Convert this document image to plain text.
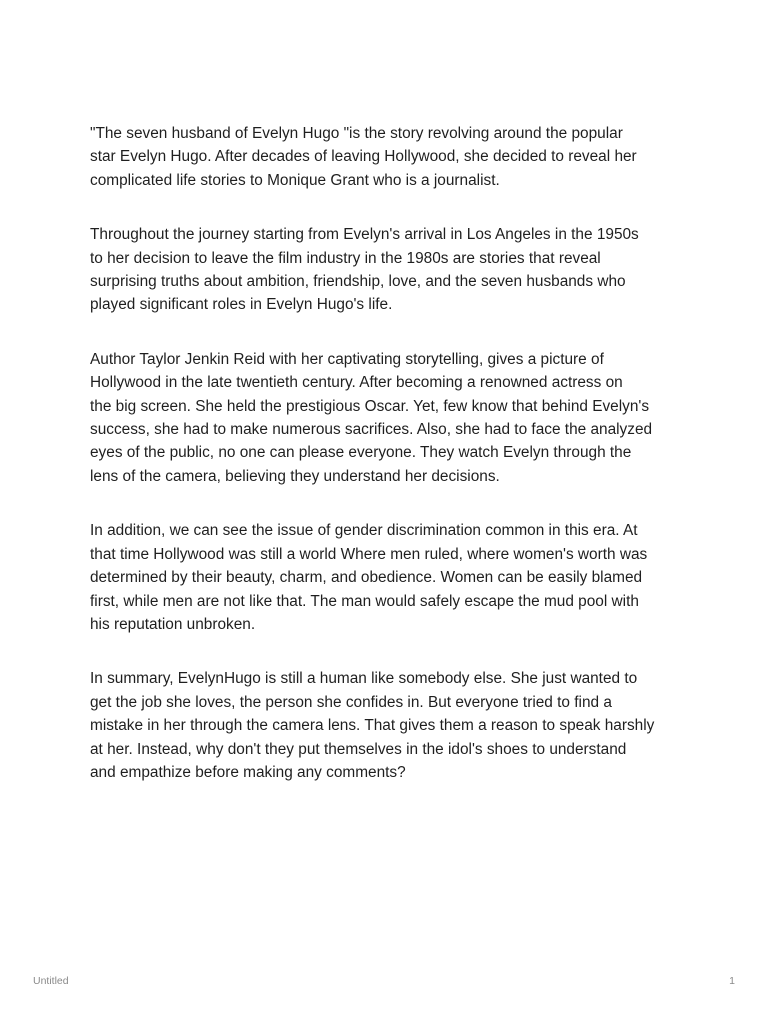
"The seven husband of Evelyn Hugo "is the story revolving around the popular
star Evelyn Hugo. After decades of leaving Hollywood, she decided to reveal her
complicated life stories to Monique Grant who is a journalist.

Throughout the journey starting from Evelyn's arrival in Los Angeles in the 1950s
to her decision to leave the film industry in the 1980s are stories that reveal
surprising truths about ambition, friendship, love, and the seven husbands who
played significant roles in Evelyn Hugo's life.

Author Taylor Jenkin Reid with her captivating storytelling, gives a picture of
Hollywood in the late twentieth century. After becoming a renowned actress on
the big screen. She held the prestigious Oscar. Yet, few know that behind Evelyn's
success, she had to make numerous sacrifices. Also, she had to face the analyzed
eyes of the public, no one can please everyone. They watch Evelyn through the
lens of the camera, believing they understand her decisions.

In addition, we can see the issue of gender discrimination common in this era. At
that time Hollywood was still a world Where men ruled, where women's worth was
determined by their beauty, charm, and obedience. Women can be easily blamed
first, while men are not like that. The man would safely escape the mud pool with
his reputation unbroken.

In summary, EvelynHugo is still a human like somebody else. She just wanted to
get the job she loves, the person she confides in. But everyone tried to find a
mistake in her through the camera lens. That gives them a reason to speak harshly
at her. Instead, why don't they put themselves in the idol's shoes to understand
and empathize before making any comments?

Untitled	1
